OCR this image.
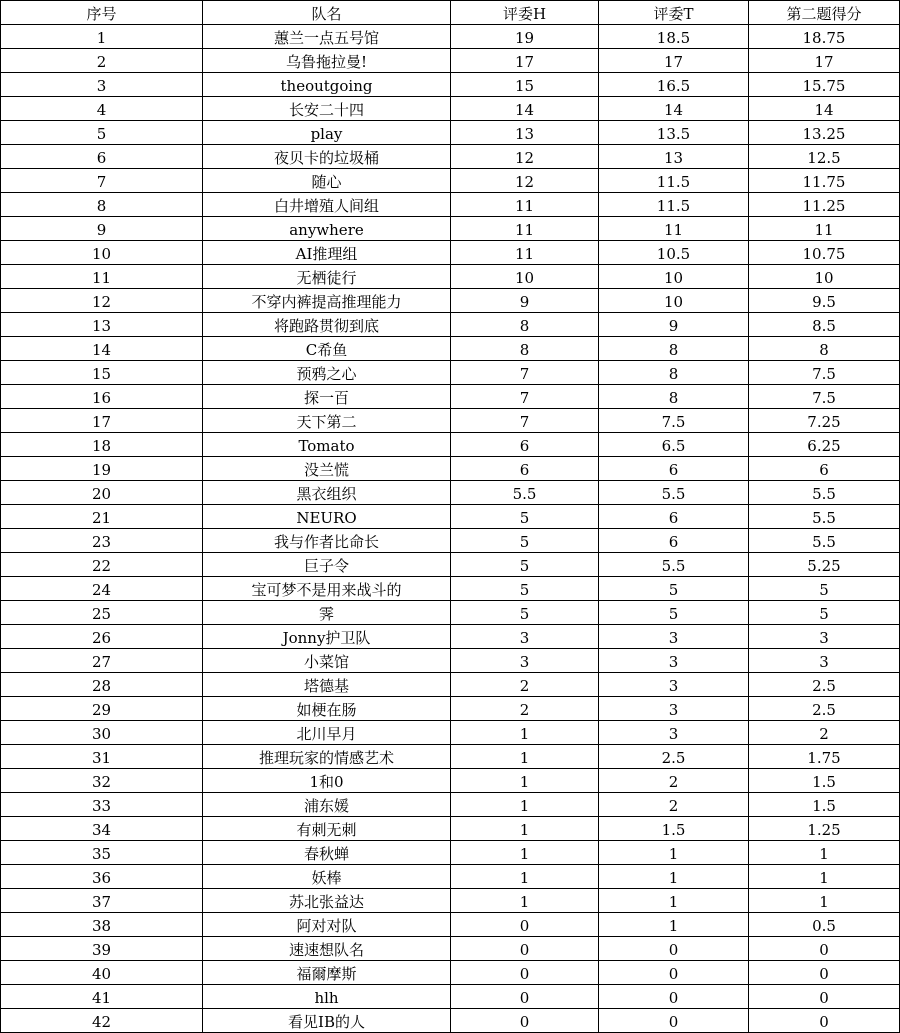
序号	队名	评委H	评委T	第二题得分
1	蕙兰一点五号馆	19	18.5	18.75
2	乌鲁拖拉曼!	17	17	17
3	theoutgoing	15	16.5	15.75
4	长安二十四	14	14	14
5	play	13	13.5	13.25
6	夜贝卡的垃圾桶	12	13	12.5
7	随心	12	11.5	11.75
8	白井增殖人间组	11	11.5	11.25
9	anywhere	11	11	11
10	AI推理组	11	10.5	10.75
11	无栖徒行	10	10	10
12	不穿内裤提高推理能力	9	10	9.5
13	将跑路贯彻到底	8	9	8.5
14	C希鱼	8	8	8
15	预鸦之心	7	8	7.5
16	探一百	7	8	7.5
17	天下第二	7	7.5	7.25
18	Tomato	6	6.5	6.25
19	没兰慌	6	6	6
20	黑衣组织	5.5	5.5	5.5
21	NEURO	5	6	5.5
23	我与作者比命长	5	6	5.5
22	巨子令	5	5.5	5.25
24	宝可梦不是用来战斗的	5	5	5
25	霁	5	5	5
26	Jonny护卫队	3	3	3
27	小菜馆	3	3	3
28	塔德基	2	3	2.5
29	如梗在肠	2	3	2.5
30	北川早月	1	3	2
31	推理玩家的情感艺术	1	2.5	1.75
32	1和0	1	2	1.5
33	浦东媛	1	2	1.5
34	有刺无刺	1	1.5	1.25
35	春秋蝉	1	1	1
36	妖棒	1	1	1
37	苏北张益达	1	1	1
38	阿对对队	0	1	0.5
39	速速想队名	0	0	0
40	福爾摩斯	0	0	0
41	hlh	0	0	0
42	看见IB的人	0	0	0
